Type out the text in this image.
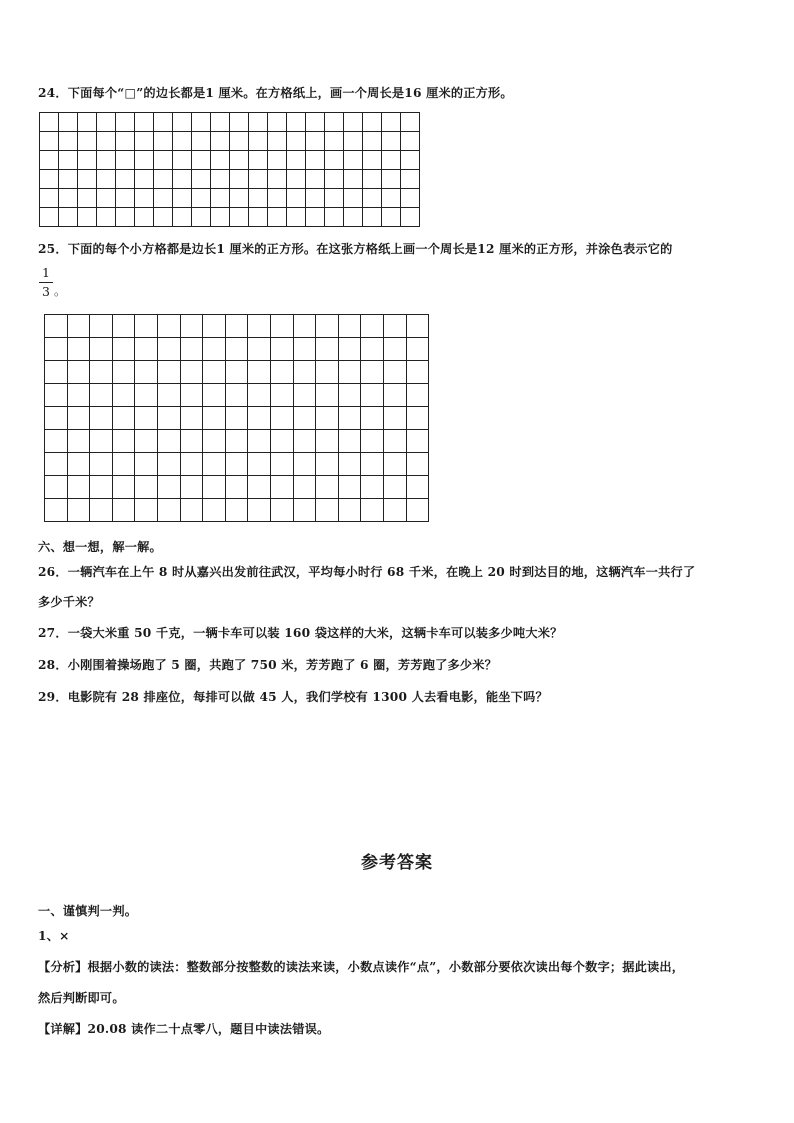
24．下面每个“□”的边长都是1 厘米。在方格纸上，画一个周长是16 厘米的正方形。
25．下面的每个小方格都是边长1 厘米的正方形。在这张方格纸上画一个周长是12 厘米的正方形，并涂色表示它的
$\frac{1}{3}$ 。
六、想一想，解一解。
26．一辆汽车在上午 8 时从嘉兴出发前往武汉，平均每小时行 68 千米，在晚上 20 时到达目的地，这辆汽车一共行了
多少千米？
27．一袋大米重 50 千克，一辆卡车可以装 160 袋这样的大米，这辆卡车可以装多少吨大米？
28．小刚围着操场跑了 5 圈，共跑了 750 米，芳芳跑了 6 圈，芳芳跑了多少米？
29．电影院有 28 排座位，每排可以做 45 人，我们学校有 1300 人去看电影，能坐下吗？
参考答案
一、谨慎判一判。
1、×
【分析】根据小数的读法：整数部分按整数的读法来读，小数点读作“点”，小数部分要依次读出每个数字；据此读出，
然后判断即可。
【详解】20.08 读作二十点零八，题目中读法错误。
